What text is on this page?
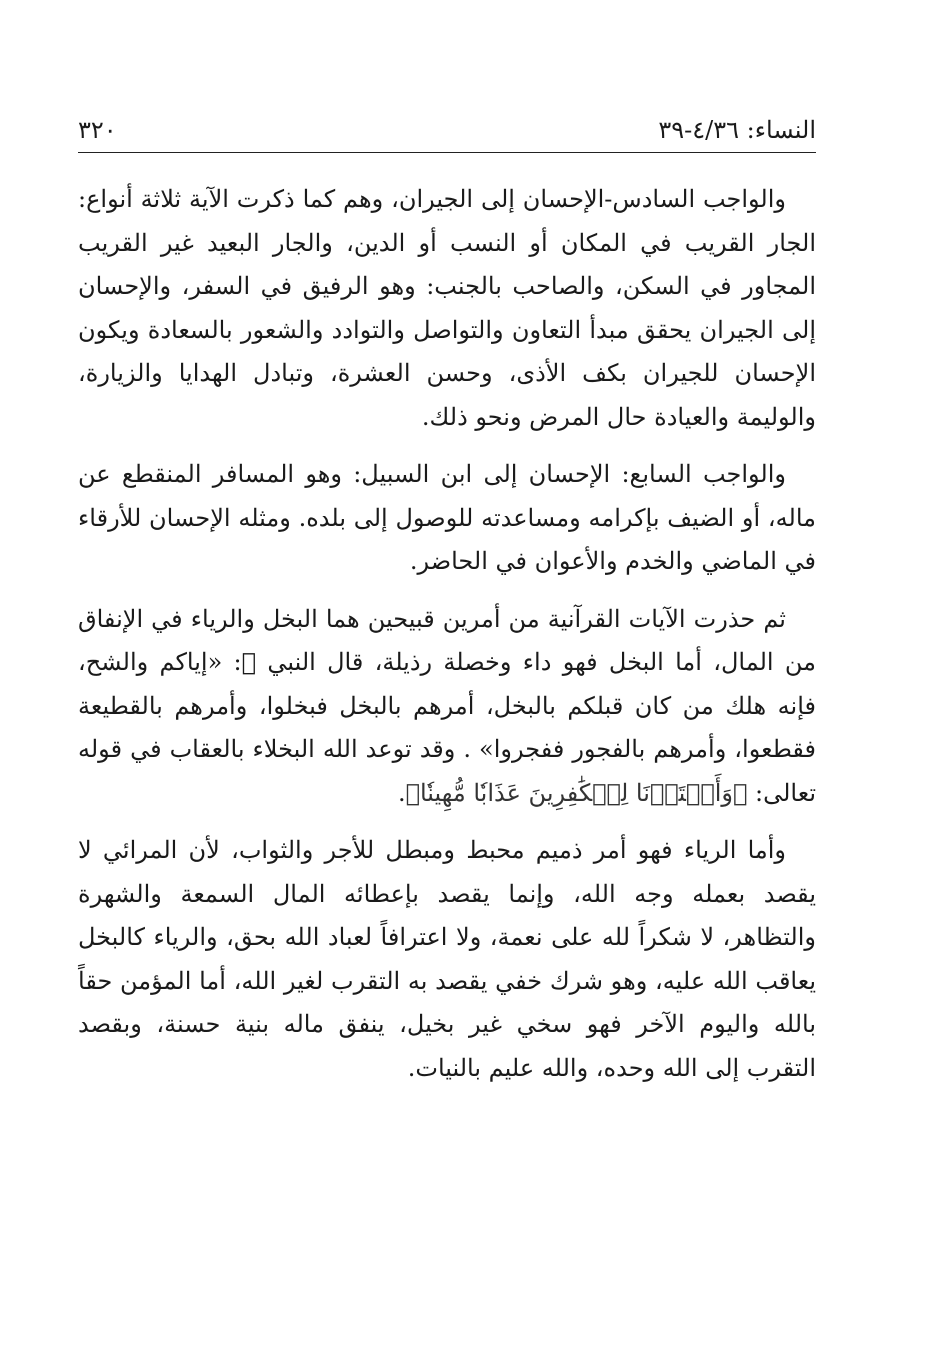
النساء: ٤/٣٦-٣٩
٣٢٠

والواجب السادس-الإحسان إلى الجيران، وهم كما ذكرت الآية ثلاثة أنواع: الجار القريب في المكان أو النسب أو الدين، والجار البعيد غير القريب المجاور في السكن، والصاحب بالجنب: وهو الرفيق في السفر، والإحسان إلى الجيران يحقق مبدأ التعاون والتواصل والتوادد والشعور بالسعادة ويكون الإحسان للجيران بكف الأذى، وحسن العشرة، وتبادل الهدايا والزيارة، والوليمة والعيادة حال المرض ونحو ذلك.

والواجب السابع: الإحسان إلى ابن السبيل: وهو المسافر المنقطع عن ماله، أو الضيف بإكرامه ومساعدته للوصول إلى بلده. ومثله الإحسان للأرقاء في الماضي والخدم والأعوان في الحاضر.

ثم حذرت الآيات القرآنية من أمرين قبيحين هما البخل والرياء في الإنفاق من المال، أما البخل فهو داء وخصلة رذيلة، قال النبي ﷺ: «إياكم والشح، فإنه هلك من كان قبلكم بالبخل، أمرهم بالبخل فبخلوا، وأمرهم بالقطيعة فقطعوا، وأمرهم بالفجور ففجروا» . وقد توعد الله البخلاء بالعقاب في قوله تعالى: ﴿وَأَعۡتَدۡنَا لِلۡكَٰفِرِينَ عَذَابٗا مُّهِينٗا﴾.

وأما الرياء فهو أمر ذميم محبط ومبطل للأجر والثواب، لأن المرائي لا يقصد بعمله وجه الله، وإنما يقصد بإعطائه المال السمعة والشهرة والتظاهر، لا شكراً لله على نعمة، ولا اعترافاً لعباد الله بحق، والرياء كالبخل يعاقب الله عليه، وهو شرك خفي يقصد به التقرب لغير الله، أما المؤمن حقاً بالله واليوم الآخر فهو سخي غير بخيل، ينفق ماله بنية حسنة، وبقصد التقرب إلى الله وحده، والله عليم بالنيات.
